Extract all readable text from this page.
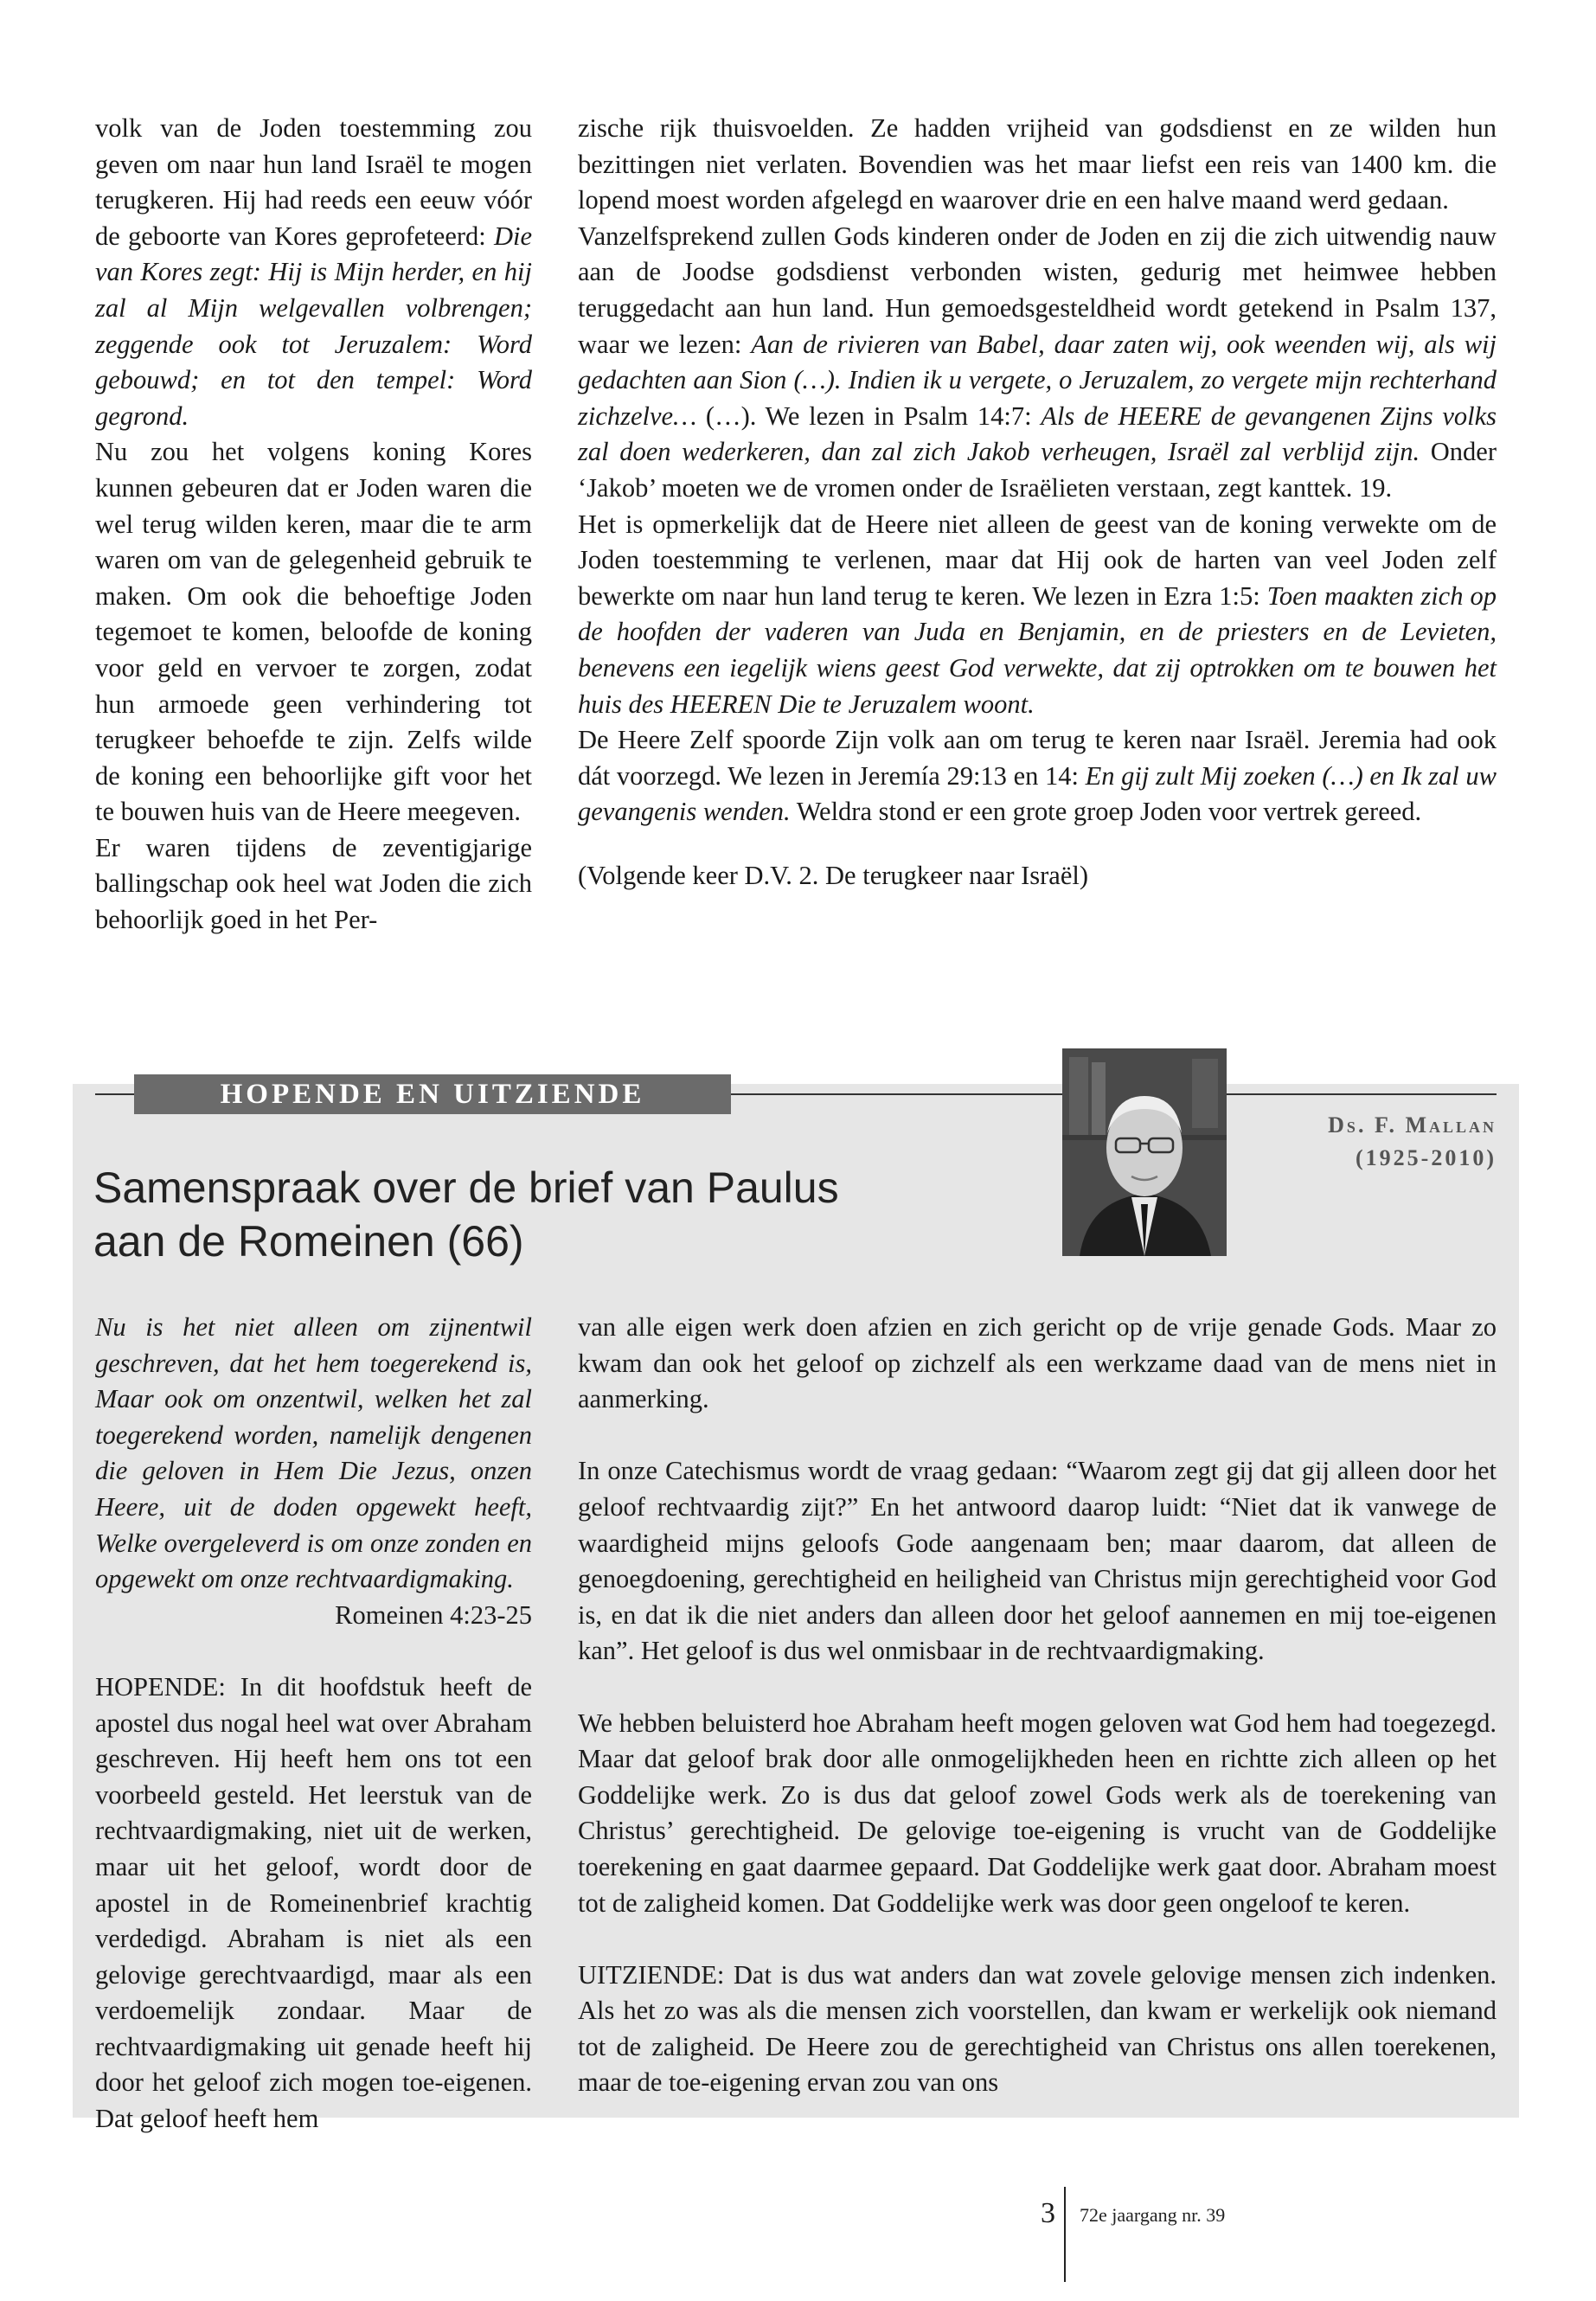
volk van de Joden toestemming zou geven om naar hun land Israël te mogen terugkeren. Hij had reeds een eeuw vóór de geboorte van Kores geprofeteerd: Die van Kores zegt: Hij is Mijn herder, en hij zal al Mijn welgevallen volbrengen; zeggende ook tot Jeruzalem: Word gebouwd; en tot den tempel: Word gegrond.

Nu zou het volgens koning Kores kunnen gebeuren dat er Joden waren die wel terug wilden keren, maar die te arm waren om van de gelegenheid gebruik te maken. Om ook die behoeftige Joden tegemoet te komen, beloofde de koning voor geld en vervoer te zorgen, zodat hun armoede geen verhindering tot terugkeer behoefde te zijn. Zelfs wilde de koning een behoorlijke gift voor het te bouwen huis van de Heere meegeven.

Er waren tijdens de zeventigjarige ballingschap ook heel wat Joden die zich behoorlijk goed in het Per-

zische rijk thuisvoelden. Ze hadden vrijheid van godsdienst en ze wilden hun bezittingen niet verlaten. Bovendien was het maar liefst een reis van 1400 km. die lopend moest worden afgelegd en waarover drie en een halve maand werd gedaan.

Vanzelfsprekend zullen Gods kinderen onder de Joden en zij die zich uitwendig nauw aan de Joodse godsdienst verbonden wisten, gedurig met heimwee hebben teruggedacht aan hun land. Hun gemoedsgesteldheid wordt getekend in Psalm 137, waar we lezen: Aan de rivieren van Babel, daar zaten wij, ook weenden wij, als wij gedachten aan Sion (…). Indien ik u vergete, o Jeruzalem, zo vergete mijn rechterhand zichzelve… (…). We lezen in Psalm 14:7: Als de HEERE de gevangenen Zijns volks zal doen wederkeren, dan zal zich Jakob verheugen, Israël zal verblijd zijn. Onder ‘Jakob’ moeten we de vromen onder de Israëlieten verstaan, zegt kanttek. 19.

Het is opmerkelijk dat de Heere niet alleen de geest van de koning verwekte om de Joden toestemming te verlenen, maar dat Hij ook de harten van veel Joden zelf bewerkte om naar hun land terug te keren. We lezen in Ezra 1:5: Toen maakten zich op de hoofden der vaderen van Juda en Benjamin, en de priesters en de Levieten, benevens een iegelijk wiens geest God verwekte, dat zij optrokken om te bouwen het huis des HEEREN Die te Jeruzalem woont.

De Heere Zelf spoorde Zijn volk aan om terug te keren naar Israël. Jeremia had ook dát voorzegd. We lezen in Jeremía 29:13 en 14: En gij zult Mij zoeken (…) en Ik zal uw gevangenis wenden. Weldra stond er een grote groep Joden voor vertrek gereed.

(Volgende keer D.V. 2. De terugkeer naar Israël)

HOPENDE EN UITZIENDE
Ds. F. Mallan
(1925-2010)
Samenspraak over de brief van Paulus
aan de Romeinen (66)

Nu is het niet alleen om zijnentwil geschreven, dat het hem toegerekend is, Maar ook om onzentwil, welken het zal toegerekend worden, namelijk dengenen die geloven in Hem Die Jezus, onzen Heere, uit de doden opgewekt heeft, Welke overgeleverd is om onze zonden en opgewekt om onze rechtvaardigmaking.

Romeinen 4:23-25

HOPENDE: In dit hoofdstuk heeft de apostel dus nogal heel wat over Abraham geschreven. Hij heeft hem ons tot een voorbeeld gesteld. Het leerstuk van de rechtvaardigmaking, niet uit de werken, maar uit het geloof, wordt door de apostel in de Romeinenbrief krachtig verdedigd. Abraham is niet als een gelovige gerechtvaardigd, maar als een verdoemelijk zondaar. Maar de rechtvaardigmaking uit genade heeft hij door het geloof zich mogen toe-eigenen. Dat geloof heeft hem

van alle eigen werk doen afzien en zich gericht op de vrije genade Gods. Maar zo kwam dan ook het geloof op zichzelf als een werkzame daad van de mens niet in aanmerking.

In onze Catechismus wordt de vraag gedaan: “Waarom zegt gij dat gij alleen door het geloof rechtvaardig zijt?” En het antwoord daarop luidt: “Niet dat ik vanwege de waardigheid mijns geloofs Gode aangenaam ben; maar daarom, dat alleen de genoegdoening, gerechtigheid en heiligheid van Christus mijn gerechtigheid voor God is, en dat ik die niet anders dan alleen door het geloof aannemen en mij toe-eigenen kan”. Het geloof is dus wel onmisbaar in de rechtvaardigmaking.

We hebben beluisterd hoe Abraham heeft mogen geloven wat God hem had toegezegd. Maar dat geloof brak door alle onmogelijkheden heen en richtte zich alleen op het Goddelijke werk. Zo is dus dat geloof zowel Gods werk als de toerekening van Christus’ gerechtigheid. De gelovige toe-eigening is vrucht van de Goddelijke toerekening en gaat daarmee gepaard. Dat Goddelijke werk gaat door. Abraham moest tot de zaligheid komen. Dat Goddelijke werk was door geen ongeloof te keren.

UITZIENDE: Dat is dus wat anders dan wat zovele gelovige mensen zich indenken. Als het zo was als die mensen zich voorstellen, dan kwam er werkelijk ook niemand tot de zaligheid. De Heere zou de gerechtigheid van Christus ons allen toerekenen, maar de toe-eigening ervan zou van ons

3 72e jaargang nr. 39
